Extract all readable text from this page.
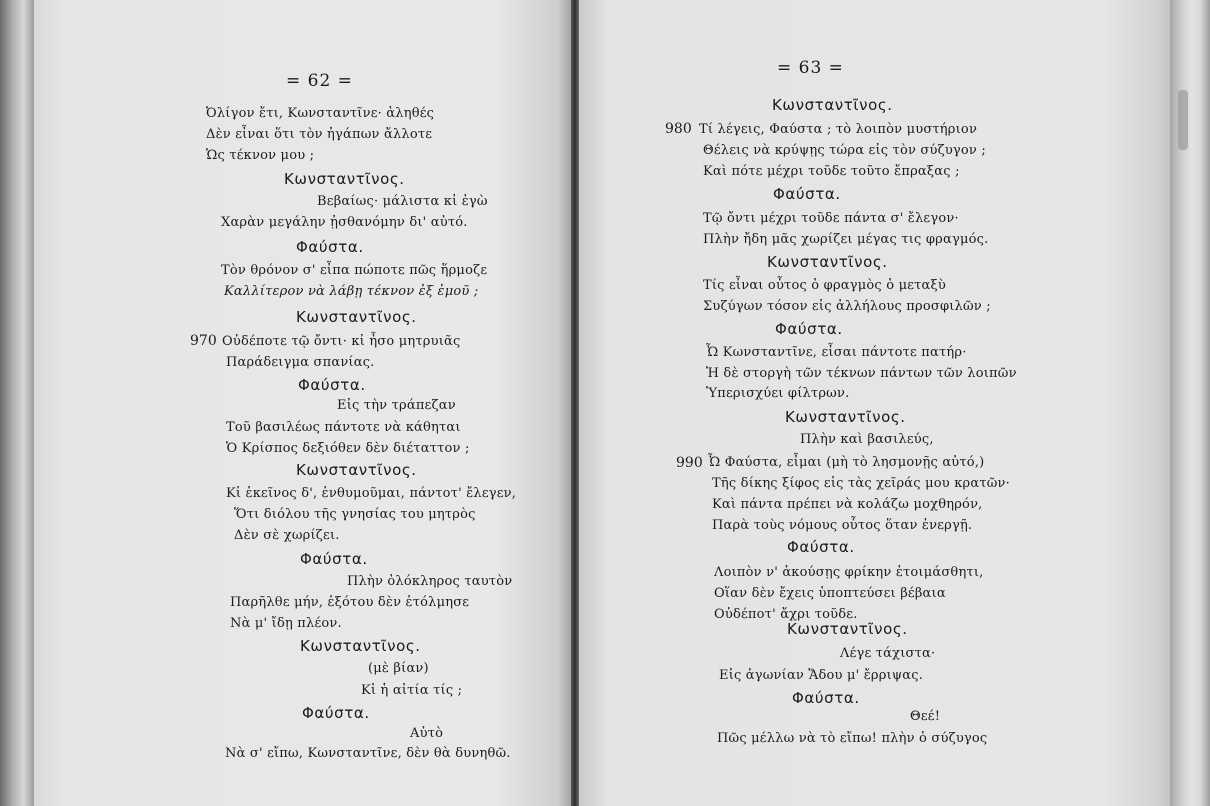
= 62 =
Ὀλίγον ἔτι, Κωνσταντῖνε· ἀληθές
Δὲν εἶναι ὅτι τὸν ἠγάπων ἄλλοτε
Ὡς τέκνον μου ;
Κωνσταντῖνος.
Βεβαίως· μάλιστα κἰ ἐγὼ
Χαρὰν μεγάλην ᾐσθανόμην δι' αὐτό.
Φαύστα.
Τὸν θρόνον σ' εἶπα πώποτε πῶς ἥρμοζε
Καλλίτερον νὰ λάβῃ τέκνον ἐξ ἐμοῦ ;
Κωνσταντῖνος.
970 Οὐδέποτε τῷ ὄντι· κἰ ἦσο μητρυιᾶς
Παράδειγμα σπανίας.
Φαύστα.
Εἰς τὴν τράπεζαν
Τοῦ βασιλέως πάντοτε νὰ κάθηται
Ὁ Κρίσπος δεξιόθεν δὲν διέταττον ;
Κωνσταντῖνος.
Κἰ ἐκεῖνος δ', ἐνθυμοῦμαι, πάντοτ' ἔλεγεν,
Ὅτι διόλου τῆς γνησίας του μητρὸς
Δὲν σὲ χωρίζει.
Φαύστα.
Πλὴν ὁλόκληρος ταυτὸν
Παρῆλθε μήν, ἐξότου δὲν ἐτόλμησε
Νὰ μ' ἴδῃ πλέον.
Κωνσταντῖνος.
(μὲ βίαν)
Κἰ ἡ αἰτία τίς ;
Φαύστα.
Αὐτὸ
Νὰ σ' εἴπω, Κωνσταντῖνε, δὲν θὰ δυνηθῶ.
= 63 =
Κωνσταντῖνος.
980 Τί λέγεις, Φαύστα ; τὸ λοιπὸν μυστήριον
Θέλεις νὰ κρύψῃς τώρα εἰς τὸν σύζυγον ;
Καὶ πότε μέχρι τοῦδε τοῦτο ἔπραξας ;
Φαύστα.
Τῷ ὄντι μέχρι τοῦδε πάντα σ' ἔλεγον·
Πλὴν ἤδη μᾶς χωρίζει μέγας τις φραγμός.
Κωνσταντῖνος.
Τίς εἶναι οὗτος ὁ φραγμὸς ὁ μεταξὺ
Συζύγων τόσον εἰς ἀλλήλους προσφιλῶν ;
Φαύστα.
Ὦ Κωνσταντῖνε, εἶσαι πάντοτε πατήρ·
Ἡ δὲ στοργὴ τῶν τέκνων πάντων τῶν λοιπῶν
Ὑπερισχύει φίλτρων.
Κωνσταντῖνος.
Πλὴν καὶ βασιλεύς,
990 Ὦ Φαύστα, εἶμαι (μὴ τὸ λησμονῇς αὐτό,)
Τῆς δίκης ξίφος εἰς τὰς χεῖράς μου κρατῶν·
Καὶ πάντα πρέπει νὰ κολάζω μοχθηρόν,
Παρὰ τοὺς νόμους οὗτος ὅταν ἐνεργῇ.
Φαύστα.
Λοιπὸν ν' ἀκούσῃς φρίκην ἑτοιμάσθητι,
Οἵαν δὲν ἔχεις ὑποπτεύσει βέβαια
Οὐδέποτ' ἄχρι τοῦδε.
Κωνσταντῖνος.
Λέγε τάχιστα·
Εἰς ἀγωνίαν Ἅδου μ' ἔρριψας.
Φαύστα.
Θεέ!
Πῶς μέλλω νὰ τὸ εἴπω! πλὴν ὁ σύζυγος
